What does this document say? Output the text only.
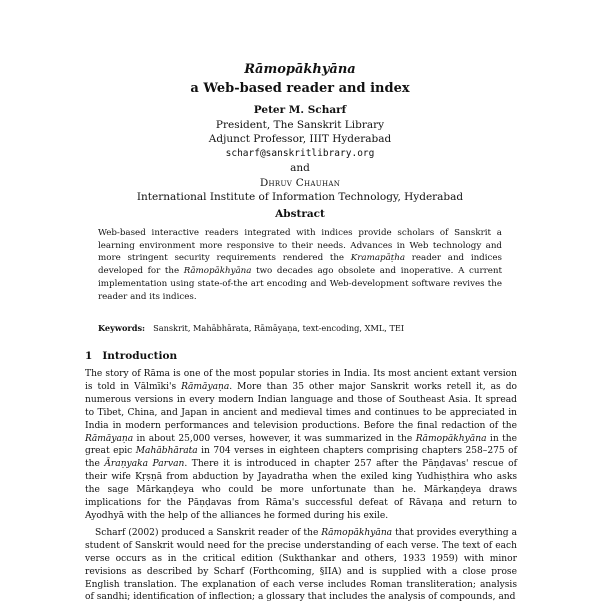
Rāmopākhyāna
a Web-based reader and index
Peter M. Scharf
President, The Sanskrit Library
Adjunct Professor, IIIT Hyderabad
scharf@sanskritlibrary.org
and
Dhruv Chauhan
International Institute of Information Technology, Hyderabad
Abstract
Web-based interactive readers integrated with indices provide scholars of Sanskrit a learning environment more responsive to their needs. Advances in Web technology and more stringent security requirements rendered the Kramapāṭha reader and indices developed for the Rāmopākhyāna two decades ago obsolete and inoperative. A current implementation using state-of-the art encoding and Web-development software revives the reader and its indices.
Keywords: Sanskrit, Mahābhārata, Rāmāyaṇa, text-encoding, XML, TEI
1 Introduction

The story of Rāma is one of the most popular stories in India. Its most ancient extant version is told in Vālmīki's Rāmāyaṇa. More than 35 other major Sanskrit works retell it, as do numerous versions in every modern Indian language and those of Southeast Asia. It spread to Tibet, China, and Japan in ancient and medieval times and continues to be appreciated in India in modern performances and television productions. Before the final redaction of the Rāmāyaṇa in about 25,000 verses, however, it was summarized in the Rāmopākhyāna in the great epic Mahābhārata in 704 verses in eighteen chapters comprising chapters 258–275 of the Āraṇyaka Parvan. There it is introduced in chapter 257 after the Pāṇḍavas' rescue of their wife Kṛṣṇā from abduction by Jayadratha when the exiled king Yudhiṣṭhira who asks the sage Mārkaṇḍeya who could be more unfortunate than he. Mārkaṇḍeya draws implications for the Pāṇḍavas from Rāma's successful defeat of Rāvaṇa and return to Ayodhyā with the help of the alliances he formed during his exile.

Scharf (2002) produced a Sanskrit reader of the Rāmopākhyāna that provides everything a student of Sanskrit would need for the precise understanding of each verse. The text of each verse occurs as in the critical edition (Sukthankar and others, 1933 1959) with minor revisions as described by Scharf (Forthcoming, §IIA) and is supplied with a close prose English translation. The explanation of each verse includes Roman transliteration; analysis of sandhi; identification of inflection; a glossary that includes the analysis of compounds, and
